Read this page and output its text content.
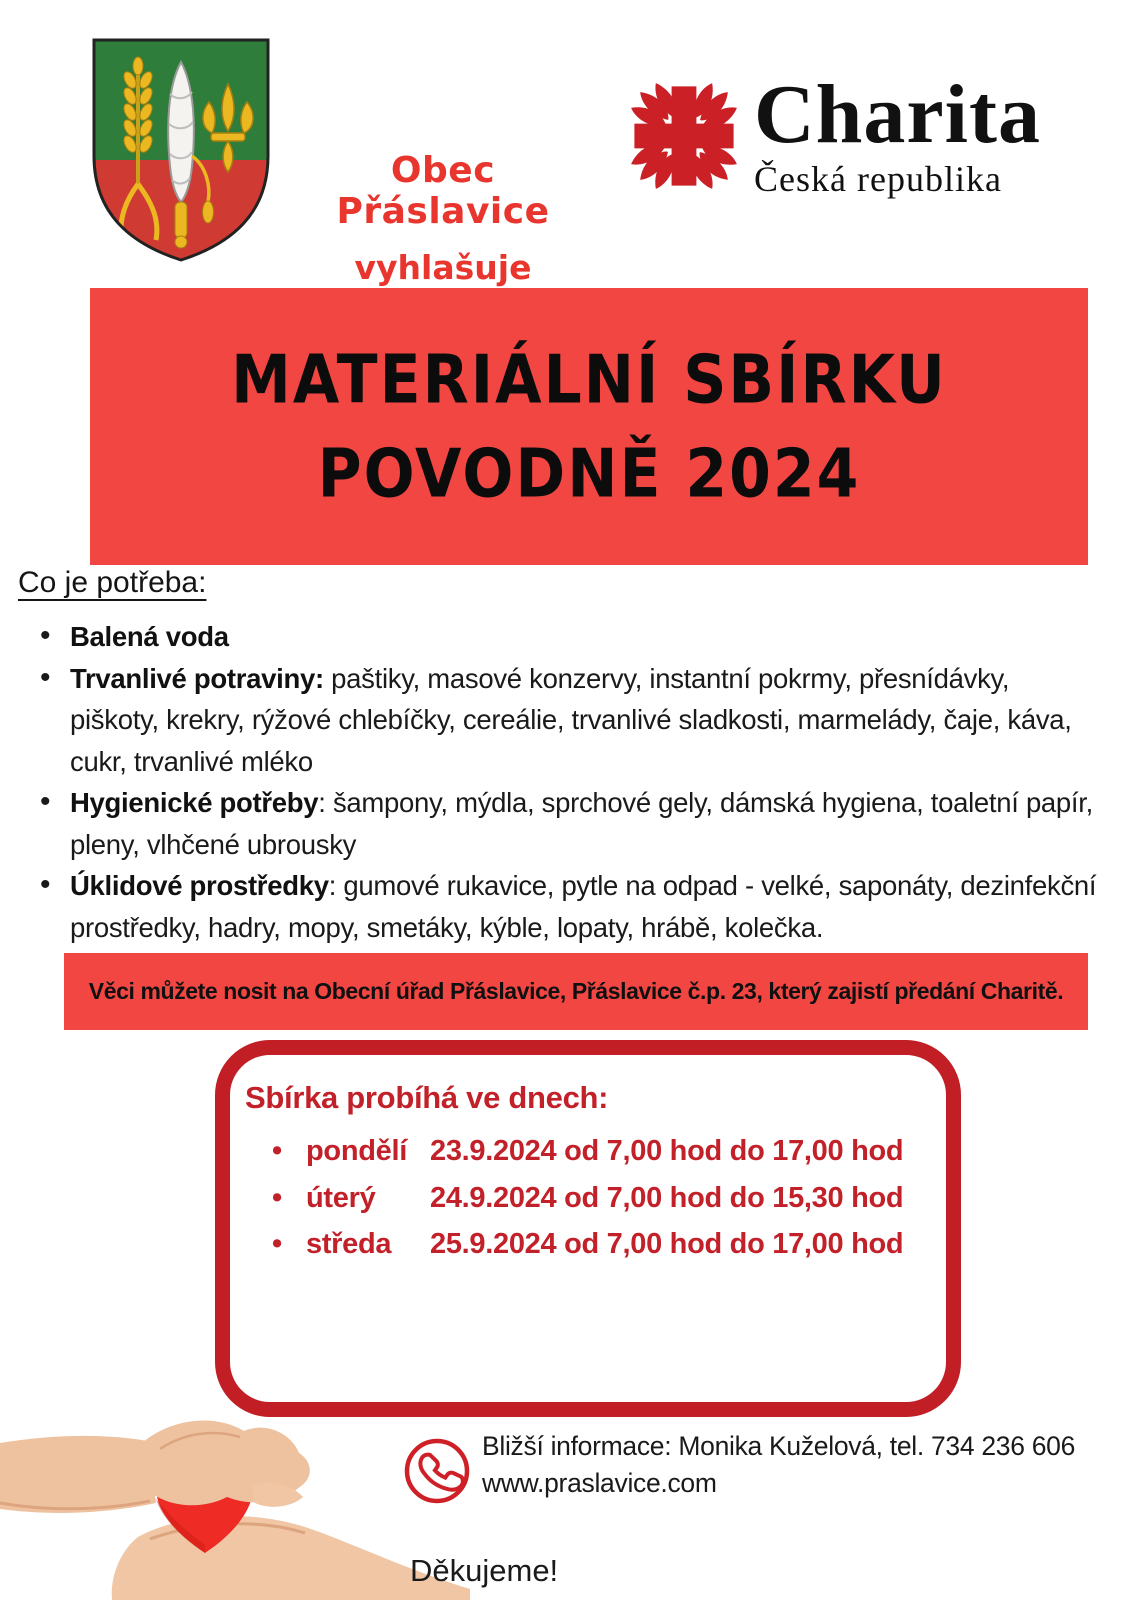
Obec Přáslavice
vyhlašuje
Charita
Česká republika
MATERIÁLNÍ SBÍRKU
POVODNĚ 2024
Co je potřeba:
• Balená voda
• Trvanlivé potraviny: paštiky, masové konzervy, instantní pokrmy, přesnídávky, piškoty, krekry, rýžové chlebíčky, cereálie, trvanlivé sladkosti, marmelády, čaje, káva, cukr, trvanlivé mléko
• Hygienické potřeby: šampony, mýdla, sprchové gely, dámská hygiena, toaletní papír, pleny, vlhčené ubrousky
• Úklidové prostředky: gumové rukavice, pytle na odpad - velké, saponáty, dezinfekční prostředky, hadry, mopy, smetáky, kýble, lopaty, hrábě, kolečka.
Věci můžete nosit na Obecní úřad Přáslavice, Přáslavice č.p. 23, který zajistí předání Charitě.
Sbírka probíhá ve dnech:
• pondělí 23.9.2024 od 7,00 hod do 17,00 hod
• úterý 24.9.2024 od 7,00 hod do 15,30 hod
• středa 25.9.2024 od 7,00 hod do 17,00 hod
Bližší informace: Monika Kuželová, tel. 734 236 606
www.praslavice.com
Děkujeme!
